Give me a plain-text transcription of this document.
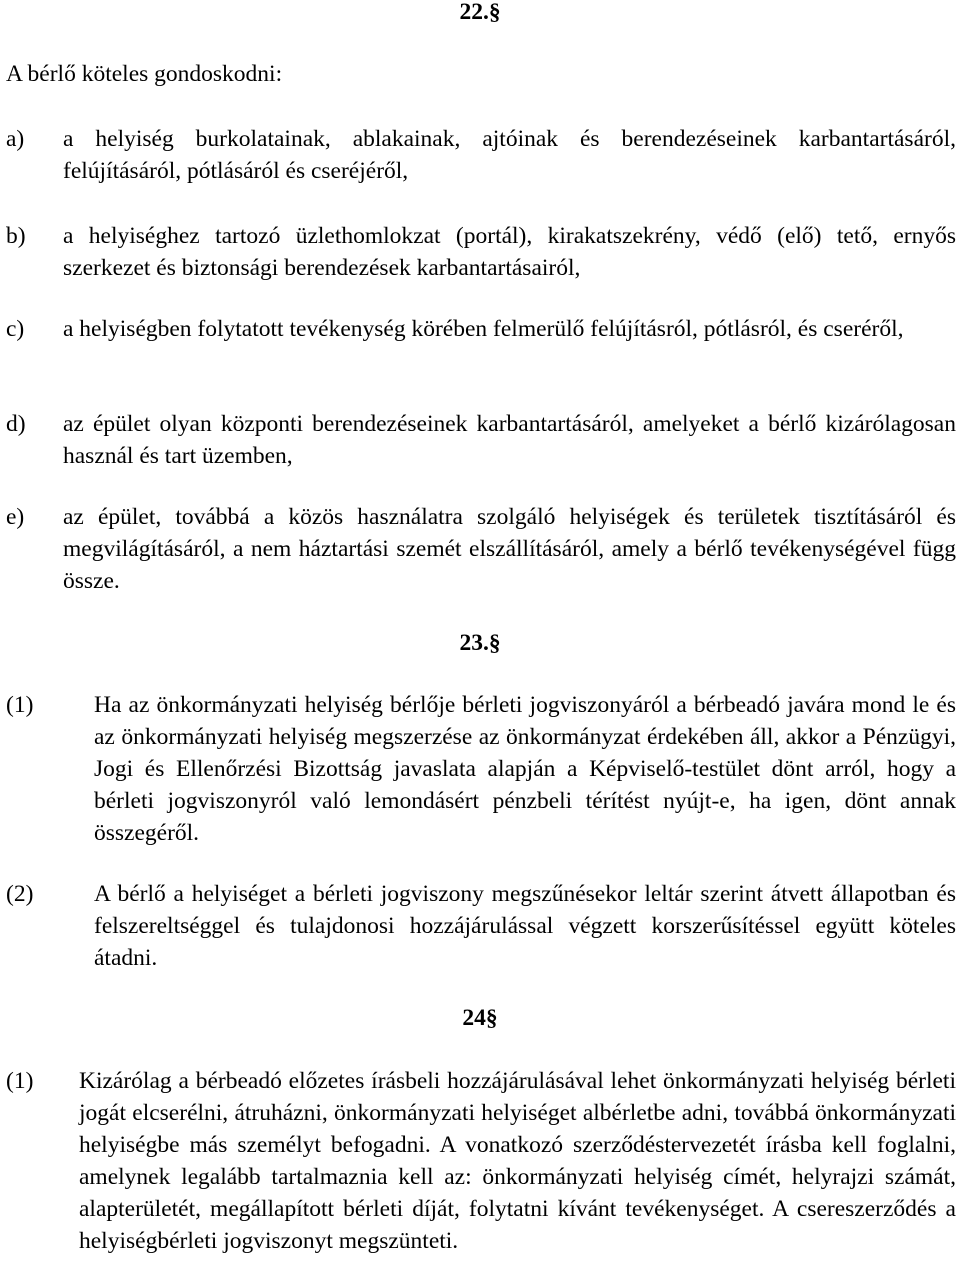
22.§
A bérlő köteles gondoskodni:
a) a helyiség burkolatainak, ablakainak, ajtóinak és berendezéseinek karbantartásáról, felújításáról, pótlásáról és cseréjéről,
b) a helyiséghez tartozó üzlethomlokzat (portál), kirakatszekrény, védő (elő) tető, ernyős szerkezet és biztonsági berendezések karbantartásairól,
c) a helyiségben folytatott tevékenység körében felmerülő felújításról, pótlásról, és cseréről,
d) az épület olyan központi berendezéseinek karbantartásáról, amelyeket a bérlő kizárólagosan használ és tart üzemben,
e) az épület, továbbá a közös használatra szolgáló helyiségek és területek tisztításáról és megvilágításáról, a nem háztartási szemét elszállításáról, amely a bérlő tevékenységével függ össze.
23.§
(1)	Ha az önkormányzati helyiség bérlője bérleti jogviszonyáról a bérbeadó javára mond le és az önkormányzati helyiség megszerzése az önkormányzat érdekében áll, akkor a Pénzügyi, Jogi és Ellenőrzési Bizottság javaslata alapján a Képviselő-testület dönt arról, hogy a bérleti jogviszonyról való lemondásért pénzbeli térítést nyújt-e, ha igen, dönt annak összegéről.
(2)	A bérlő a helyiséget a bérleti jogviszony megszűnésekor leltár szerint átvett állapotban és felszereltséggel és tulajdonosi hozzájárulással végzett korszerűsítéssel együtt köteles átadni.
24§
(1) Kizárólag a bérbeadó előzetes írásbeli hozzájárulásával lehet önkormányzati helyiség bérleti jogát elcserélni, átruházni, önkormányzati helyiséget albérletbe adni, továbbá önkormányzati helyiségbe más személyt befogadni. A vonatkozó szerződéstervezetét írásba kell foglalni, amelynek legalább tartalmaznia kell az: önkormányzati helyiség címét, helyrajzi számát, alapterületét, megállapított bérleti díját, folytatni kívánt tevékenységet. A csereszerződés a helyiségbérleti jogviszonyt megszünteti.
